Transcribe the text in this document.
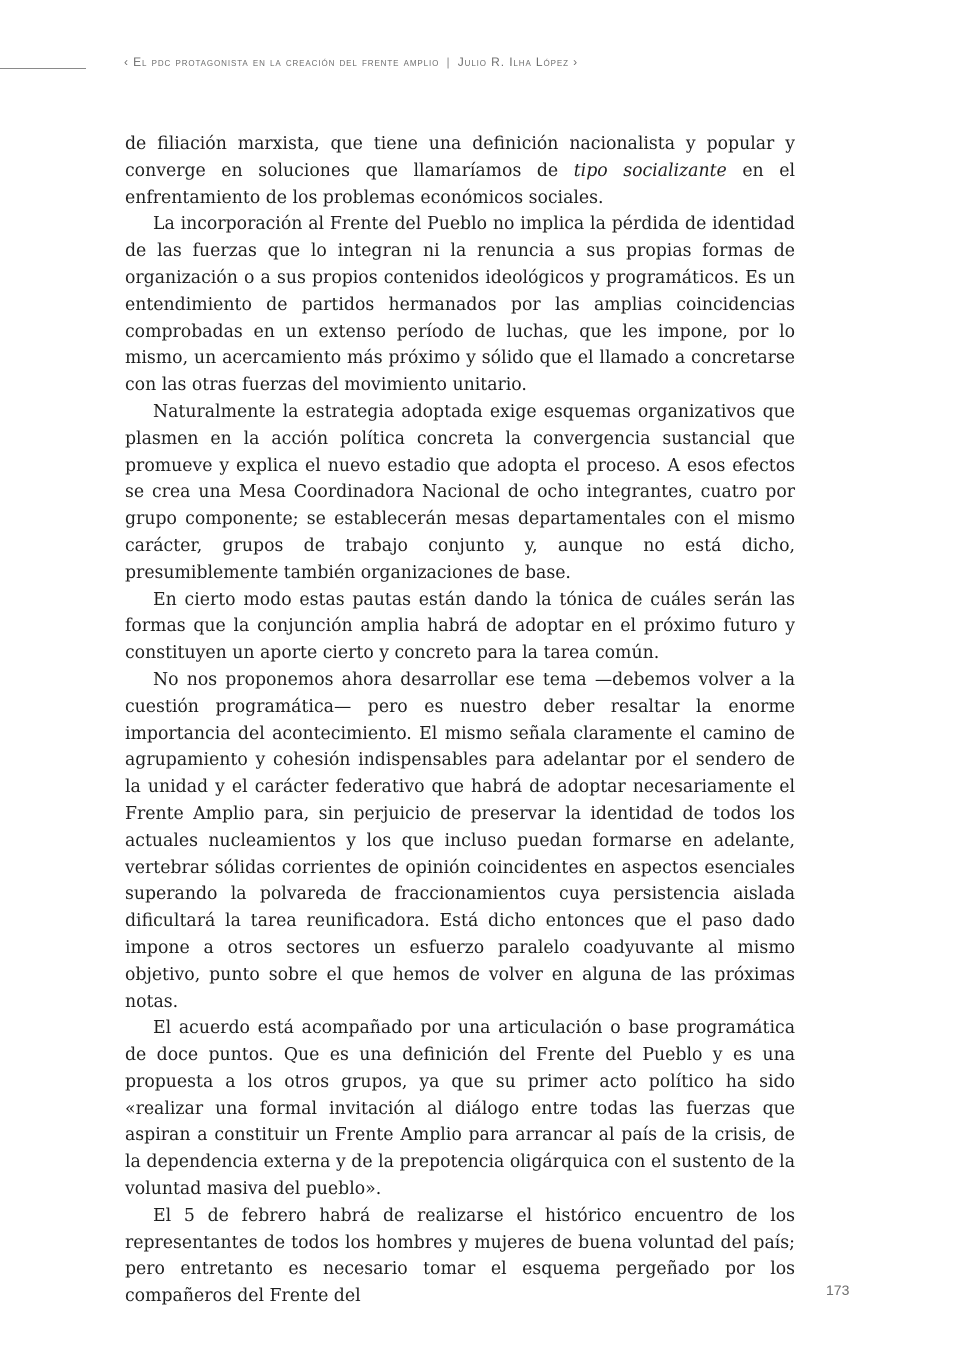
‹ El pdc protagonista en la creación del frente amplio | Julio R. Ilha López ›

de filiación marxista, que tiene una definición nacionalista y popular y converge en soluciones que llamaríamos de tipo socializante en el enfrentamiento de los problemas económicos sociales.

La incorporación al Frente del Pueblo no implica la pérdida de identidad de las fuerzas que lo integran ni la renuncia a sus propias formas de organización o a sus propios contenidos ideológicos y programáticos. Es un entendimiento de partidos hermanados por las amplias coincidencias comprobadas en un extenso período de luchas, que les impone, por lo mismo, un acercamiento más próximo y sólido que el llamado a concretarse con las otras fuerzas del movimiento unitario.

Naturalmente la estrategia adoptada exige esquemas organizativos que plasmen en la acción política concreta la convergencia sustancial que promueve y explica el nuevo estadio que adopta el proceso. A esos efectos se crea una Mesa Coordinadora Nacional de ocho integrantes, cuatro por grupo componente; se establecerán mesas departamentales con el mismo carácter, grupos de trabajo conjunto y, aunque no está dicho, presumiblemente también organizaciones de base.

En cierto modo estas pautas están dando la tónica de cuáles serán las formas que la conjunción amplia habrá de adoptar en el próximo futuro y constituyen un aporte cierto y concreto para la tarea común.

No nos proponemos ahora desarrollar ese tema —debemos volver a la cuestión programática— pero es nuestro deber resaltar la enorme importancia del acontecimiento. El mismo señala claramente el camino de agrupamiento y cohesión indispensables para adelantar por el sendero de la unidad y el carácter federativo que habrá de adoptar necesariamente el Frente Amplio para, sin perjuicio de preservar la identidad de todos los actuales nucleamientos y los que incluso puedan formarse en adelante, vertebrar sólidas corrientes de opinión coincidentes en aspectos esenciales superando la polvareda de fraccionamientos cuya persistencia aislada dificultará la tarea reunificadora. Está dicho entonces que el paso dado impone a otros sectores un esfuerzo paralelo coadyuvante al mismo objetivo, punto sobre el que hemos de volver en alguna de las próximas notas.

El acuerdo está acompañado por una articulación o base programática de doce puntos. Que es una definición del Frente del Pueblo y es una propuesta a los otros grupos, ya que su primer acto político ha sido «realizar una formal invitación al diálogo entre todas las fuerzas que aspiran a constituir un Frente Amplio para arrancar al país de la crisis, de la dependencia externa y de la prepotencia oligárquica con el sustento de la voluntad masiva del pueblo».

El 5 de febrero habrá de realizarse el histórico encuentro de los representantes de todos los hombres y mujeres de buena voluntad del país; pero entretanto es necesario tomar el esquema pergeñado por los compañeros del Frente del	173
